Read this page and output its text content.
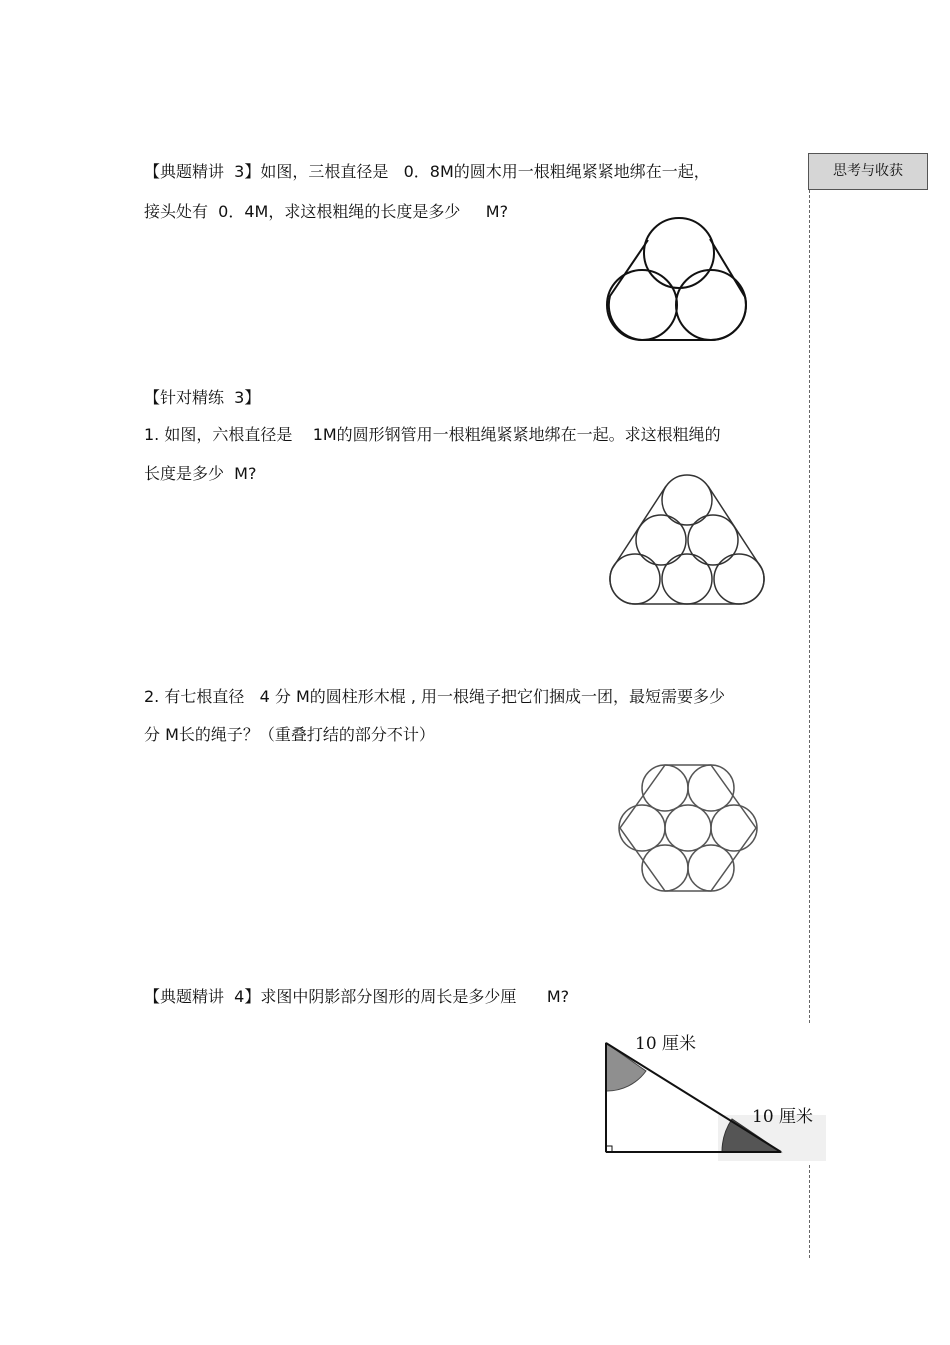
思考与收获
【典题精讲  3】如图，三根直径是   0．8M的圆木用一根粗绳紧紧地绑在一起，
接头处有  0．4M，求这根粗绳的长度是多少     M?
【针对精练  3】
1. 如图，六根直径是    1M的圆形钢管用一根粗绳紧紧地绑在一起。求这根粗绳的
长度是多少  M?
2. 有七根直径   4 分 M的圆柱形木棍 , 用一根绳子把它们捆成一团，最短需要多少
分 M长的绳子？（重叠打结的部分不计）
【典题精讲  4】求图中阴影部分图形的周长是多少厘      M?
10 厘米
10 厘米
